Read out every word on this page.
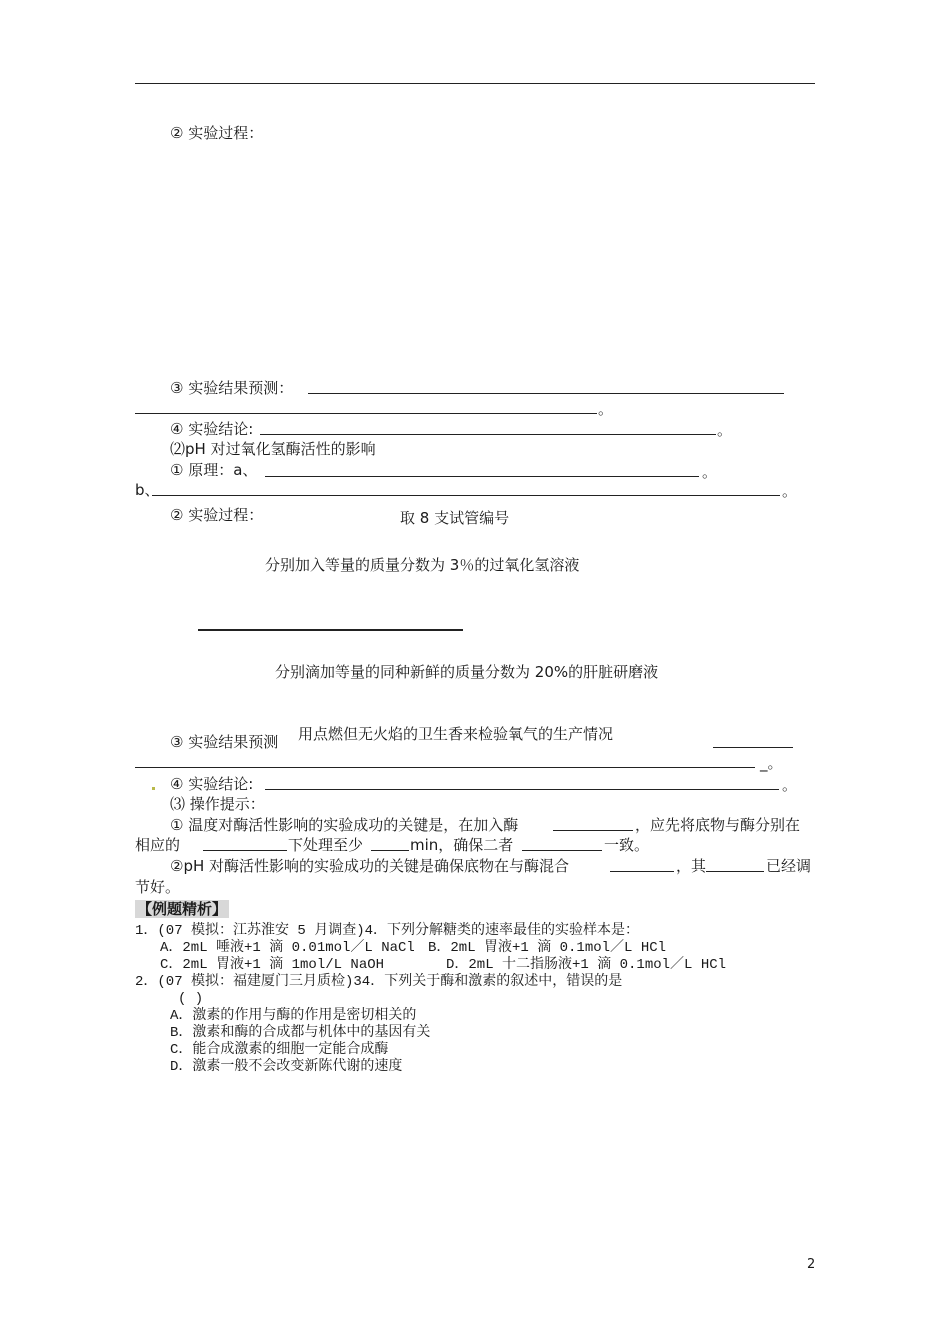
② 实验过程：
③ 实验结果预测：
。
④ 实验结论:	。
⑵pH 对过氧化氢酶活性的影响
① 原理：a、	。
b、	。
② 实验过程：	取 8 支试管编号
分别加入等量的质量分数为 3％的过氧化氢溶液
分别滴加等量的同种新鲜的质量分数为 20%的肝脏研磨液
③ 实验结果预测 用点燃但无火焰的卫生香来检验氧气的生产情况
_。
④ 实验结论:	。
⑶ 操作提示：
① 温度对酶活性影响的实验成功的关键是，在加入酶	，应先将底物与酶分别在
相应的	下处理至少	min，确保二者	一致。
②pH 对酶活性影响的实验成功的关键是确保底物在与酶混合	，其	已经调
节好。
【例题精析】
1．(07 模拟：江苏淮安 5 月调查)4．下列分解糖类的速率最佳的实验样本是：
A．2mL 唾液+1 滴 0.01mol／L NaCl B．2mL 胃液+1 滴 0.1mol／L HCl
C．2mL 胃液+1 滴 1mol/L NaOH	D．2mL 十二指肠液+1 滴 0.1mol／L HCl
2．(07 模拟：福建厦门三月质检)34．下列关于酶和激素的叙述中，错误的是
( )
A．激素的作用与酶的作用是密切相关的
B．激素和酶的合成都与机体中的基因有关
C．能合成激素的细胞一定能合成酶
D．激素一般不会改变新陈代谢的速度
2
